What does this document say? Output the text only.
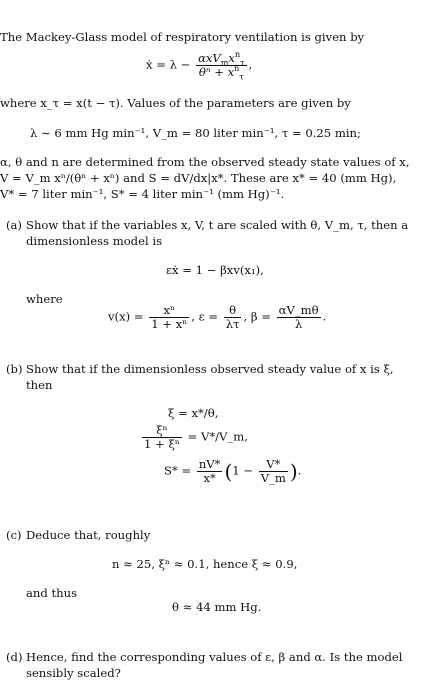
The Mackey-Glass model of respiratory ventilation is given by
ẋ = $\lambda - \frac{\alpha xV_mx^n_\tau}{\theta^n + x^n_\tau}$ ,
where x_τ = x(t − τ). Values of the parameters are given by
λ ∼ 6 mm Hg min⁻¹, V_m = 80 liter min⁻¹, τ = 0.25 min;
α, θ and n are determined from the observed steady state values of x,
V = V_m xⁿ/(θⁿ + xⁿ) and S = dV/dx|x*. These are x* = 40 (mm Hg),
V* = 7 liter min⁻¹, S* = 4 liter min⁻¹ (mm Hg)⁻¹.
(a) Show that if the variables x, V, t are scaled with θ, V_m, τ, then a
dimensionless model is
εẋ = 1 − βxv(x₁),
where
$v(x) = \frac{\text{xⁿ}}{\text{1 + xⁿ}}$ , $\varepsilon = \frac{\theta}{\lambda\tau}$ , $\beta = \frac{\alpha V\_m\theta}{\lambda}$ .
(b) Show that if the dimensionless observed steady value of x is ξ,
then
ξ = x*/θ,
$\frac{\text{ξⁿ}}{\text{1 + ξⁿ}}$ = V*/V_m,
$S* = \frac{nV*}{x*} (1 - \frac{V*}{V\_m}$ ).
(c) Deduce that, roughly
n ≈ 25, ξⁿ ≈ 0.1, hence ξ ≈ 0.9,
and thus
θ ≈ 44 mm Hg.
(d) Hence, find the corresponding values of ε, β and α. Is the model
sensibly scaled?
